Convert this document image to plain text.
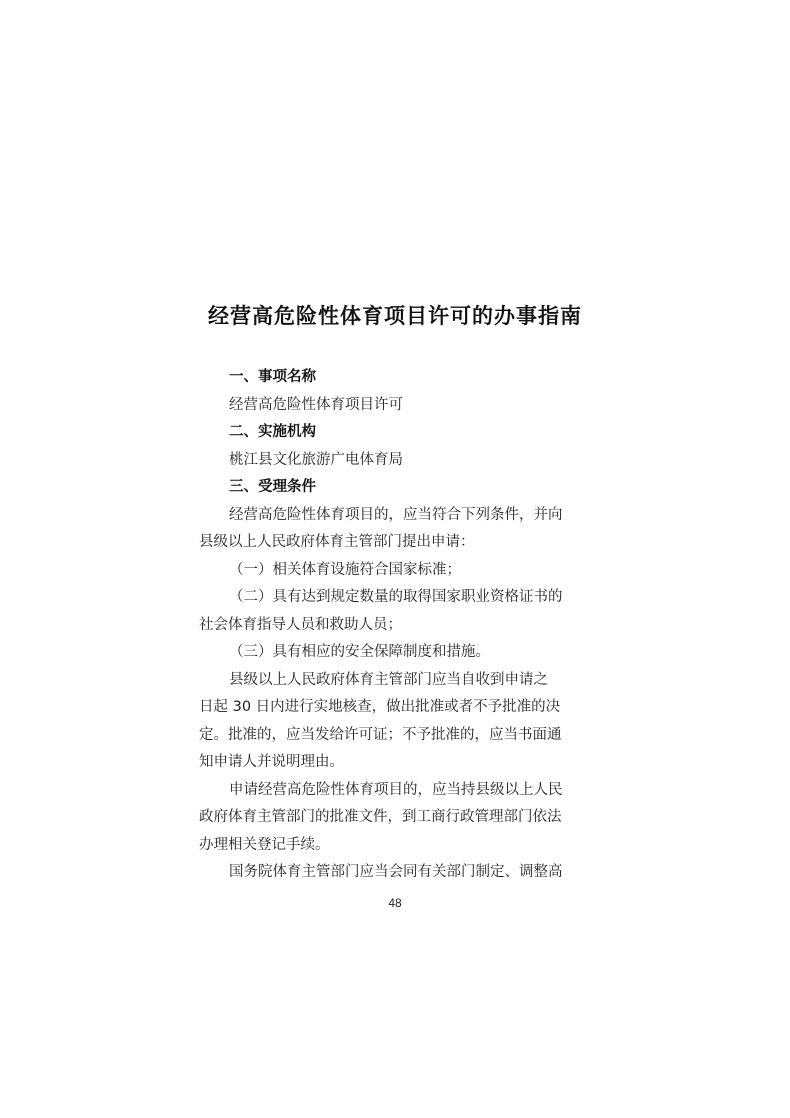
经营高危险性体育项目许可的办事指南
一、事项名称
经营高危险性体育项目许可
二、实施机构
桃江县文化旅游广电体育局
三、受理条件
经营高危险性体育项目的，应当符合下列条件，并向
县级以上人民政府体育主管部门提出申请：
（一）相关体育设施符合国家标准；
（二）具有达到规定数量的取得国家职业资格证书的
社会体育指导人员和救助人员；
（三）具有相应的安全保障制度和措施。
县级以上人民政府体育主管部门应当自收到申请之
日起 30 日内进行实地核查，做出批准或者不予批准的决
定。批准的，应当发给许可证；不予批准的，应当书面通
知申请人并说明理由。
申请经营高危险性体育项目的，应当持县级以上人民
政府体育主管部门的批准文件，到工商行政管理部门依法
办理相关登记手续。
国务院体育主管部门应当会同有关部门制定、调整高
48
